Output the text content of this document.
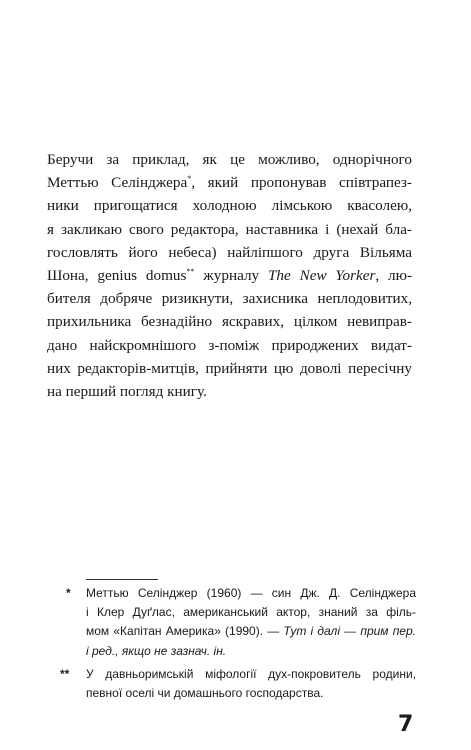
Беручи за приклад, як це можливо, однорічного
Меттью Селінджера*, який пропонував співтрапез-
ники пригощатися холодною лімською квасолею,
я закликаю свого редактора, наставника і (нехай бла-
гословлять його небеса) найліпшого друга Вільяма
Шона, genius domus** журналу The New Yorker, лю-
бителя добряче ризикнути, захисника неплодовитих,
прихильника безнадійно яскравих, цілком невиправ-
дано найскромнішого з-поміж природжених видат-
них редакторів-митців, прийняти цю доволі пересічну
на перший погляд книгу.
* Меттью Селінджер (1960) — син Дж. Д. Селінджера
і Клер Дуґлас, американський актор, знаний за філь-
мом «Капітан Америка» (1990). — Тут і далі — прим пер.
і ред., якщо не зазнач. ін.
** У давньоримській міфології дух-покровитель родини,
певної оселі чи домашнього господарства.
7
